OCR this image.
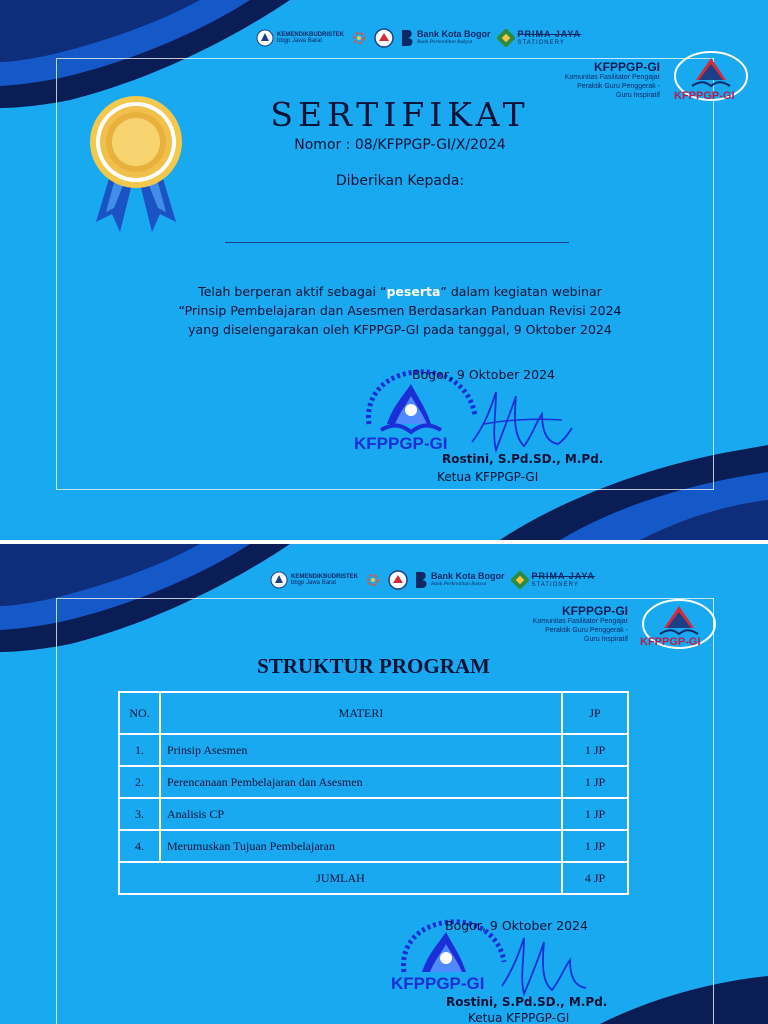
KEMENDIKBUDRISTEK
bbgp Jawa Barat
Bank Kota Bogor
Bank Perkreditan Rakyat
PRIMA JAYA
STATIONERY
KFPPGP-GI
Komunitas Fasilitator Pengajar
Peraktik Guru Penggerak -
Guru Inspiratif KFPPGP-GI
SERTIFIKAT
Nomor : 08/KFPPGP-GI/X/2024
Diberikan Kepada:
Telah berperan aktif sebagai “peserta” dalam kegiatan webinar
“Prinsip Pembelajaran dan Asesmen Berdasarkan Panduan Revisi 2024
yang diselengarakan oleh KFPPGP-GI pada tanggal, 9 Oktober 2024
KFPPGP-GI
Bogor, 9 Oktober 2024
Rostini, S.Pd.SD., M.Pd.
Ketua KFPPGP-GI
KEMENDIKBUDRISTEK
bbgp Jawa Barat
Bank Kota Bogor
Bank Perkreditan Rakyat
PRIMA JAYA
STATIONERY
KFPPGP-GI
Komunitas Fasilitator Pengajar
Peraktik Guru Penggerak -
Guru Inspiratif KFPPGP-GI
STRUKTUR PROGRAM
NO.	MATERI	JP
1.	Prinsip Asesmen	1 JP
2.	Perencanaan Pembelajaran dan Asesmen	1 JP
3.	Analisis CP	1 JP
4.	Merumuskan Tujuan Pembelajaran	1 JP
JUMLAH		4 JP
KFPPGP-GI
Bogor, 9 Oktober 2024
Rostini, S.Pd.SD., M.Pd.
Ketua KFPPGP-GI
